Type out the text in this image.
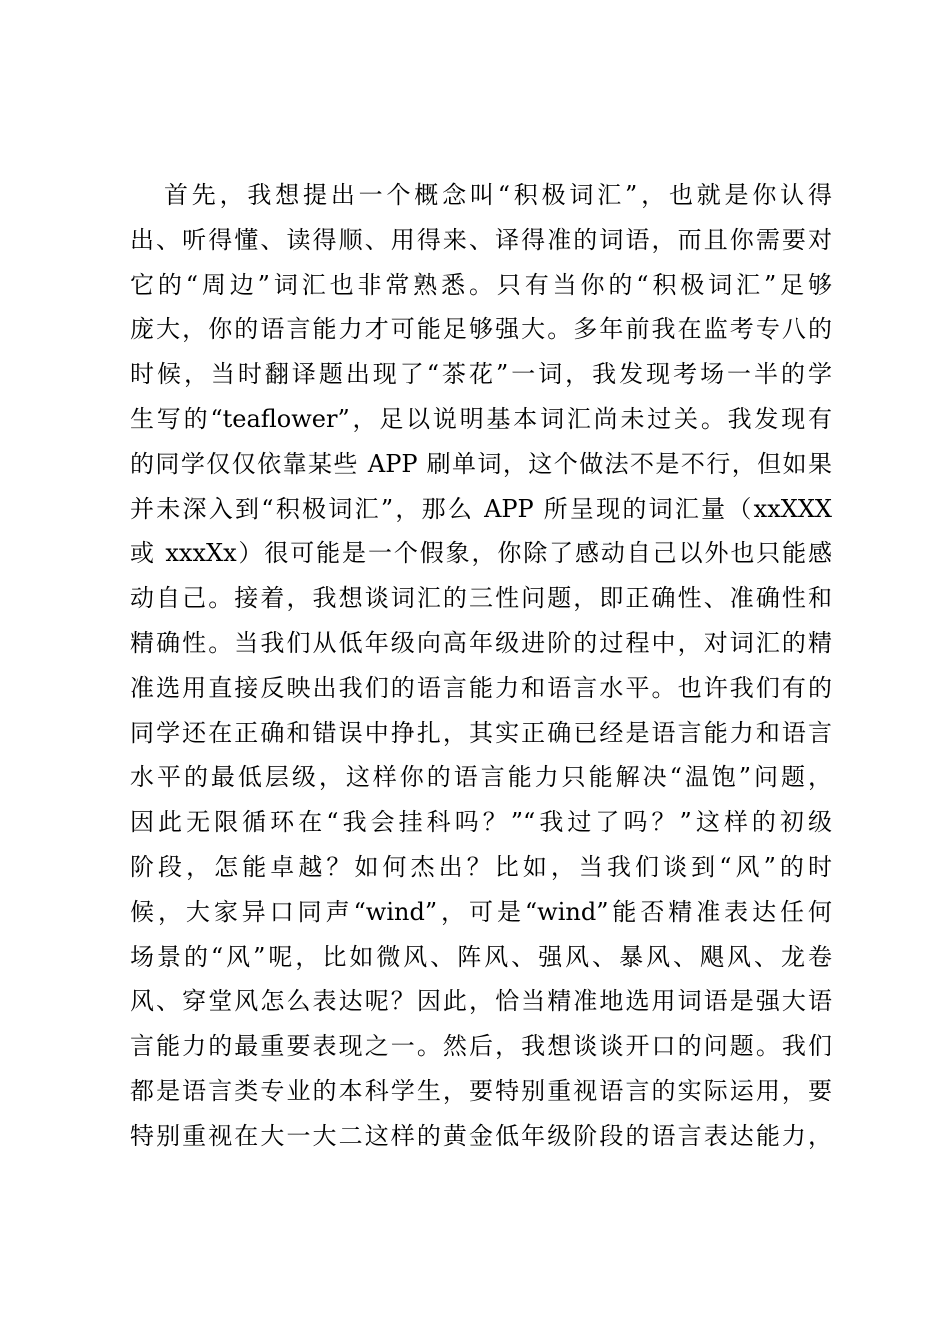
首先，我想提出一个概念叫“积极词汇”，也就是你认得
出、听得懂、读得顺、用得来、译得准的词语，而且你需要对
它的“周边”词汇也非常熟悉。只有当你的“积极词汇”足够
庞大，你的语言能力才可能足够强大。多年前我在监考专八的
时候，当时翻译题出现了“茶花”一词，我发现考场一半的学
生写的“teaflower”，足以说明基本词汇尚未过关。我发现有
的同学仅仅依靠某些 APP 刷单词，这个做法不是不行，但如果
并未深入到“积极词汇”，那么 APP 所呈现的词汇量（xxXXX
或 xxxXx）很可能是一个假象，你除了感动自己以外也只能感
动自己。接着，我想谈词汇的三性问题，即正确性、准确性和
精确性。当我们从低年级向高年级进阶的过程中，对词汇的精
准选用直接反映出我们的语言能力和语言水平。也许我们有的
同学还在正确和错误中挣扎，其实正确已经是语言能力和语言
水平的最低层级，这样你的语言能力只能解决“温饱”问题，
因此无限循环在“我会挂科吗？”“我过了吗？”这样的初级
阶段，怎能卓越？如何杰出？比如，当我们谈到“风”的时
候，大家异口同声“wind”，可是“wind”能否精准表达任何
场景的“风”呢，比如微风、阵风、强风、暴风、飓风、龙卷
风、穿堂风怎么表达呢？因此，恰当精准地选用词语是强大语
言能力的最重要表现之一。然后，我想谈谈开口的问题。我们
都是语言类专业的本科学生，要特别重视语言的实际运用，要
特别重视在大一大二这样的黄金低年级阶段的语言表达能力，
